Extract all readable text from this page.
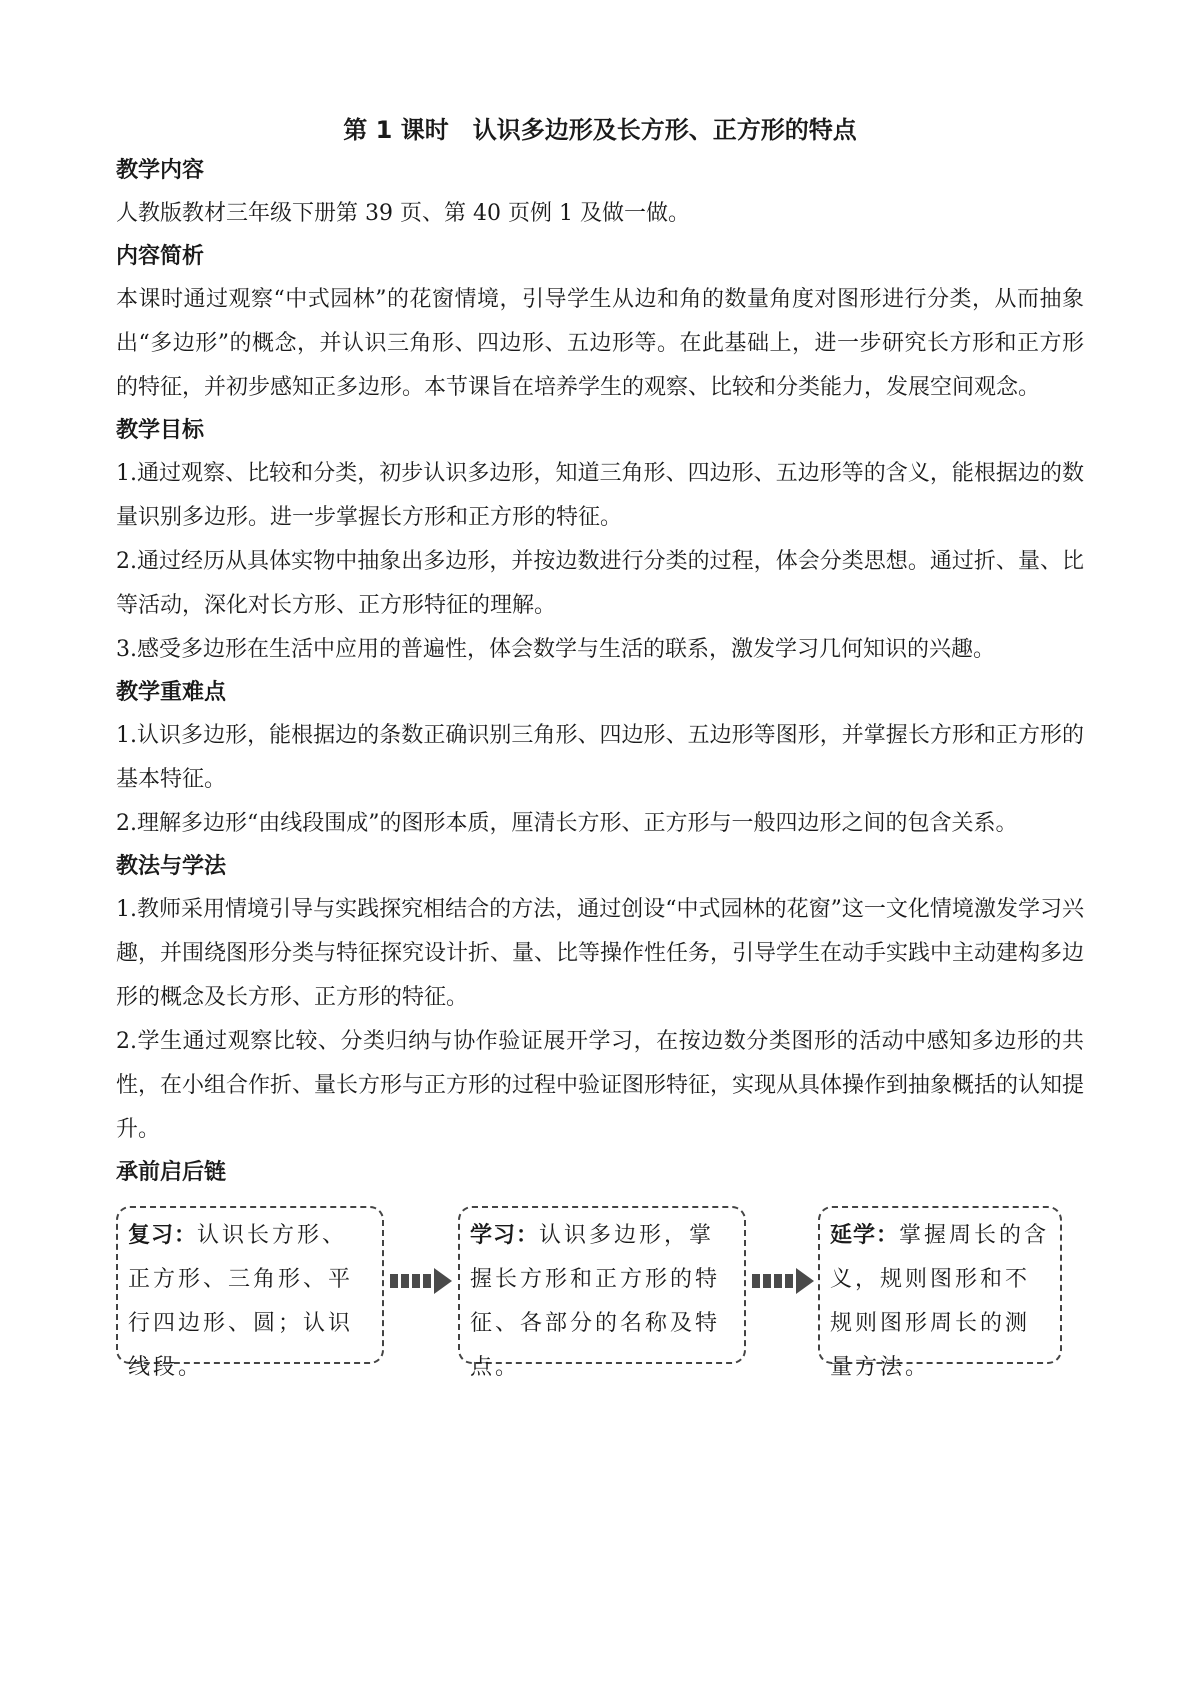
第 1 课时 认识多边形及长方形、正方形的特点
教学内容

人教版教材三年级下册第 39 页、第 40 页例 1 及做一做。

内容简析

本课时通过观察“中式园林”的花窗情境，引导学生从边和角的数量角度对图形进行分类，从而抽象出“多边形”的概念，并认识三角形、四边形、五边形等。在此基础上，进一步研究长方形和正方形的特征，并初步感知正多边形。本节课旨在培养学生的观察、比较和分类能力，发展空间观念。

教学目标

1.通过观察、比较和分类，初步认识多边形，知道三角形、四边形、五边形等的含义，能根据边的数量识别多边形。进一步掌握长方形和正方形的特征。

2.通过经历从具体实物中抽象出多边形，并按边数进行分类的过程，体会分类思想。通过折、量、比等活动，深化对长方形、正方形特征的理解。

3.感受多边形在生活中应用的普遍性，体会数学与生活的联系，激发学习几何知识的兴趣。

教学重难点

1.认识多边形，能根据边的条数正确识别三角形、四边形、五边形等图形，并掌握长方形和正方形的基本特征。

2.理解多边形“由线段围成”的图形本质，厘清长方形、正方形与一般四边形之间的包含关系。

教法与学法

1.教师采用情境引导与实践探究相结合的方法，通过创设“中式园林的花窗”这一文化情境激发学习兴趣，并围绕图形分类与特征探究设计折、量、比等操作性任务，引导学生在动手实践中主动建构多边形的概念及长方形、正方形的特征。

2.学生通过观察比较、分类归纳与协作验证展开学习，在按边数分类图形的活动中感知多边形的共性，在小组合作折、量长方形与正方形的过程中验证图形特征，实现从具体操作到抽象概括的认知提升。

承前启后链
复习：认识长方形、正方形、三角形、平行四边形、圆；认识线段。
学习：认识多边形，掌握长方形和正方形的特征、各部分的名称及特点。
延学：掌握周长的含义，规则图形和不规则图形周长的测量方法。
